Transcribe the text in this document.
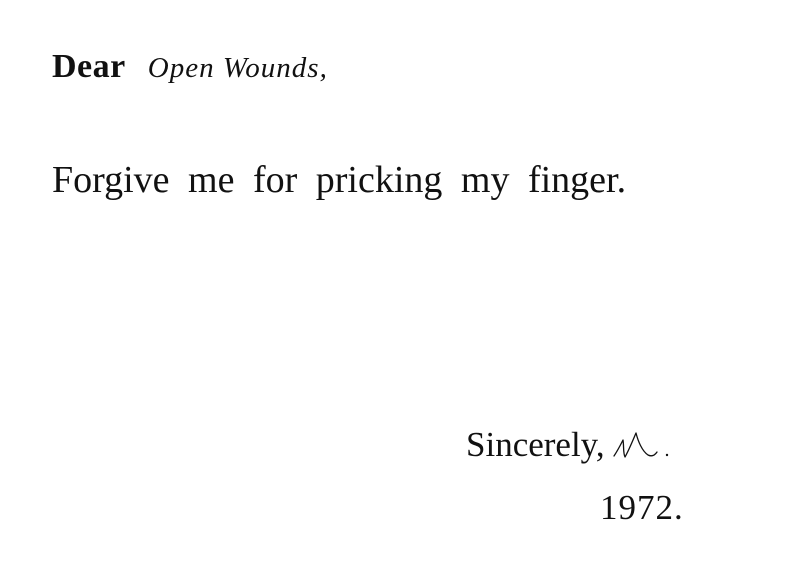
Dear Open Wounds,
Forgive me for pricking my finger.
Sincerely,
1972.
